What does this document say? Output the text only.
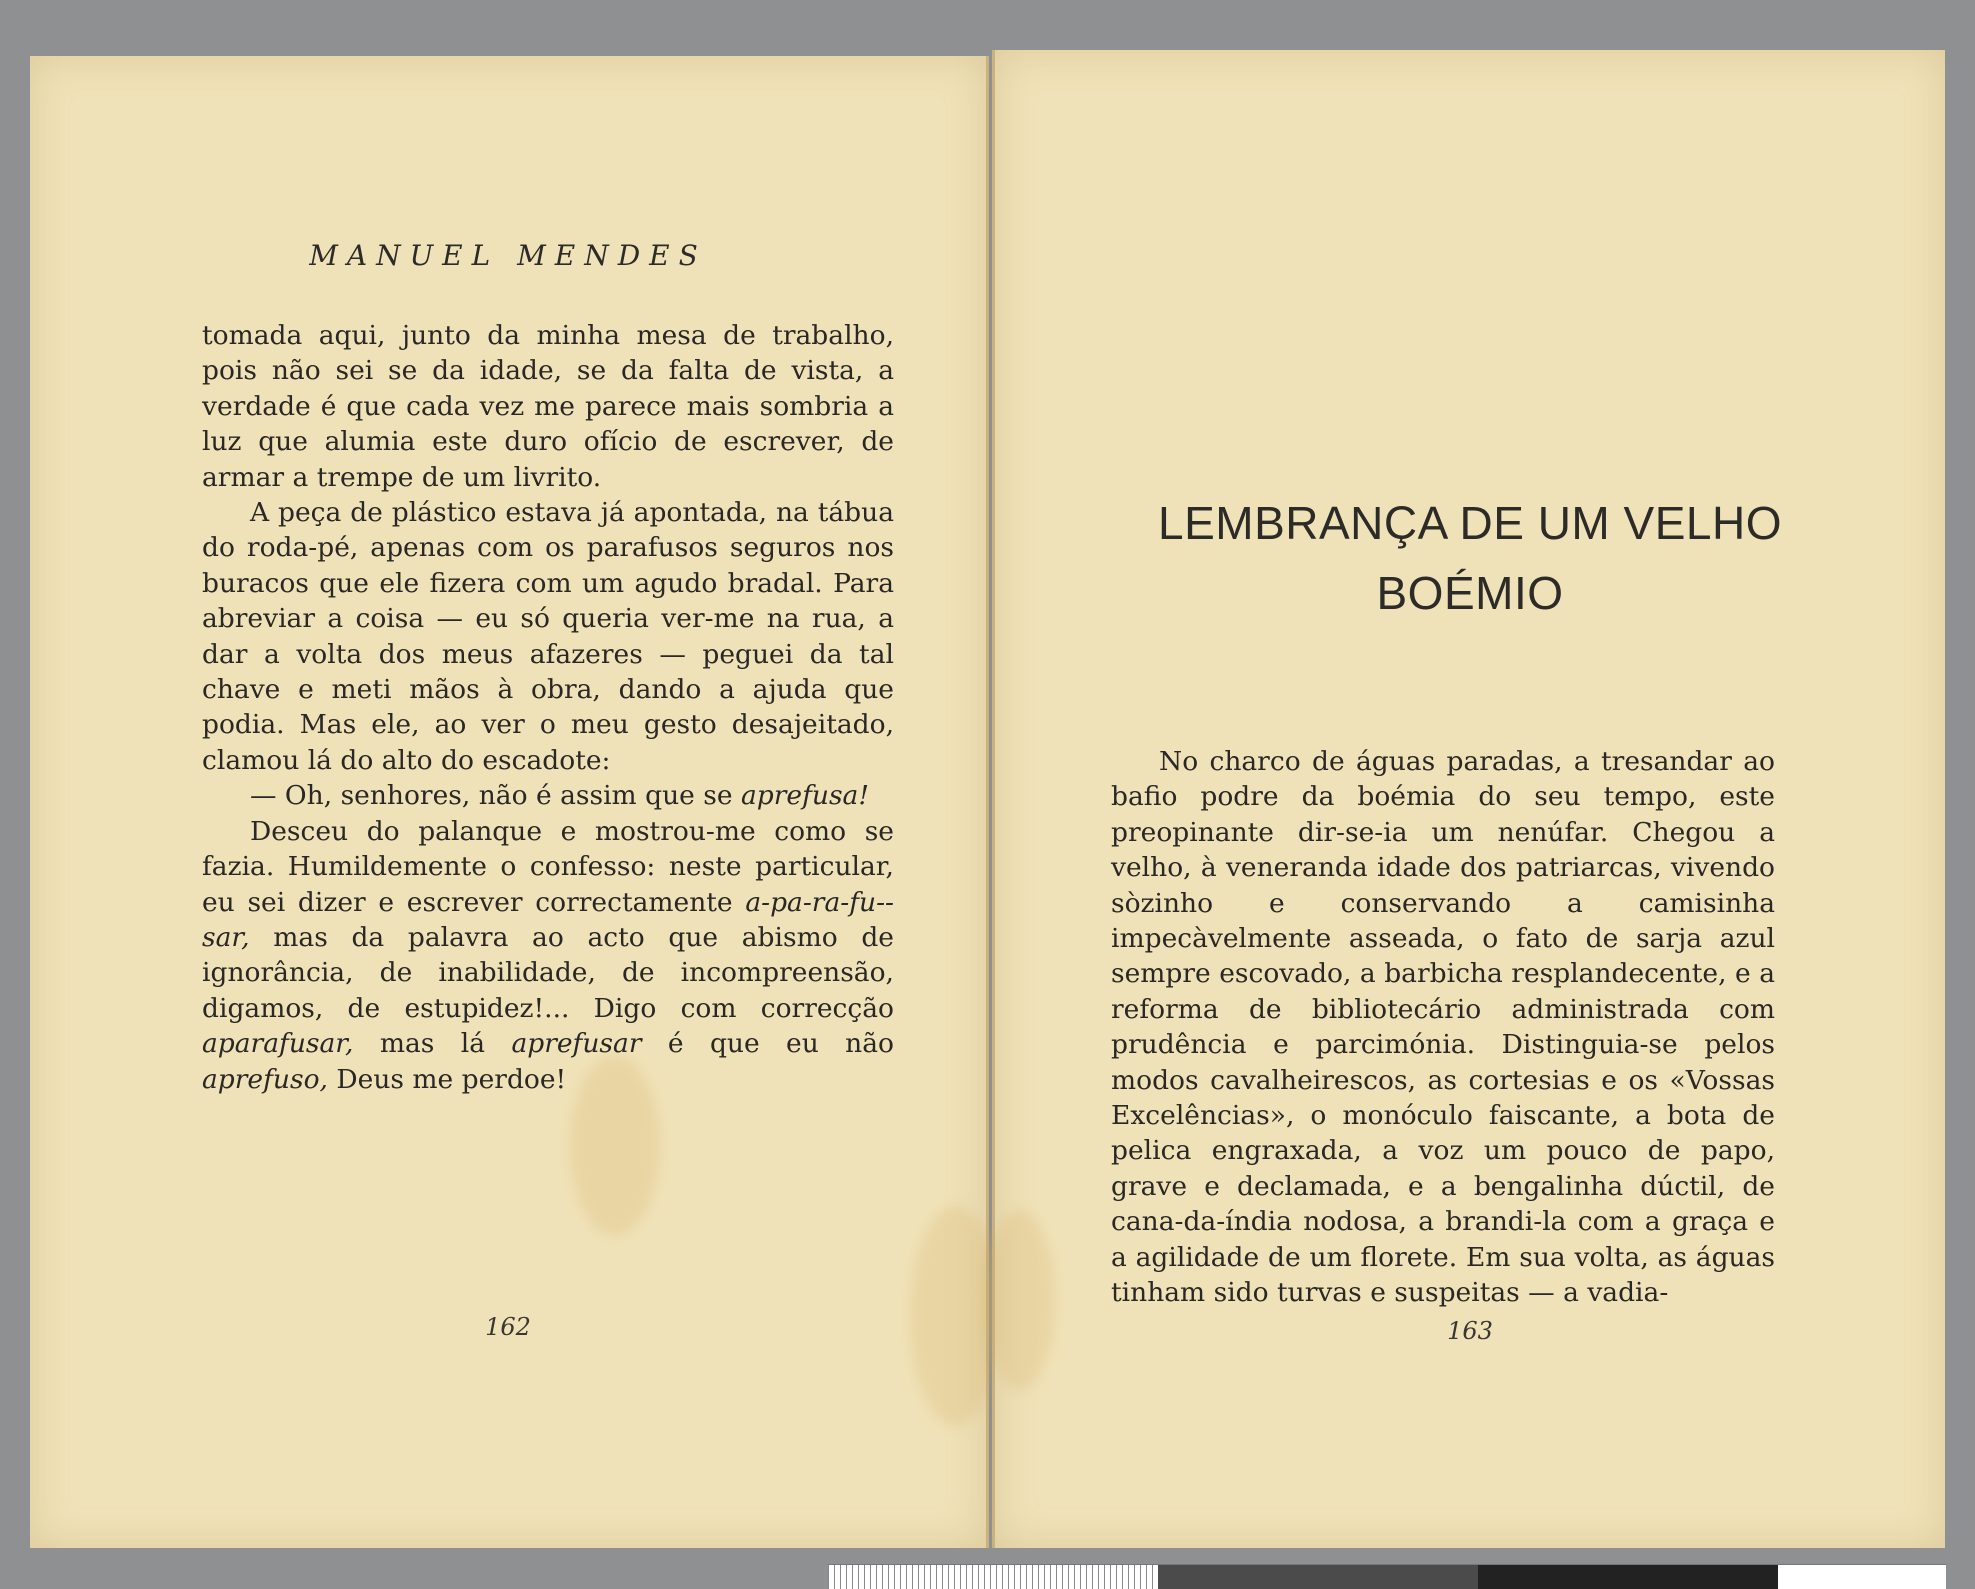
MANUEL MENDES

tomada aqui, junto da minha mesa de trabalho, pois não sei se da idade, se da falta de vista, a verdade é que cada vez me parece mais sombria a luz que alumia este duro ofício de escrever, de armar a trempe de um livrito.

A peça de plástico estava já apontada, na tábua do roda-pé, apenas com os parafusos seguros nos buracos que ele fizera com um agudo bradal. Para abreviar a coisa — eu só queria ver-me na rua, a dar a volta dos meus afazeres — peguei da tal chave e meti mãos à obra, dando a ajuda que podia. Mas ele, ao ver o meu gesto desajeitado, clamou lá do alto do escadote:

— Oh, senhores, não é assim que se aprefusa!

Desceu do palanque e mostrou-me como se fazia. Humildemente o confesso: neste particular, eu sei dizer e escrever correctamente a-pa-ra-fu--sar, mas da palavra ao acto que abismo de ignorância, de inabilidade, de incompreensão, digamos, de estupidez!... Digo com correcção aparafusar, mas lá aprefusar é que eu não aprefuso, Deus me perdoe!

162
LEMBRANÇA DE UM VELHO
BOÉMIO

No charco de águas paradas, a tresandar ao bafio podre da boémia do seu tempo, este preopinante dir-se-ia um nenúfar. Chegou a velho, à veneranda idade dos patriarcas, vivendo sòzinho e conservando a camisinha impecàvelmente asseada, o fato de sarja azul sempre escovado, a barbicha resplandecente, e a reforma de bibliotecário administrada com prudência e parcimónia. Distinguia-se pelos modos cavalheirescos, as cortesias e os «Vossas Excelências», o monóculo faiscante, a bota de pelica engraxada, a voz um pouco de papo, grave e declamada, e a bengalinha dúctil, de cana-da-índia nodosa, a brandi-la com a graça e a agilidade de um florete. Em sua volta, as águas tinham sido turvas e suspeitas — a vadia-

163
